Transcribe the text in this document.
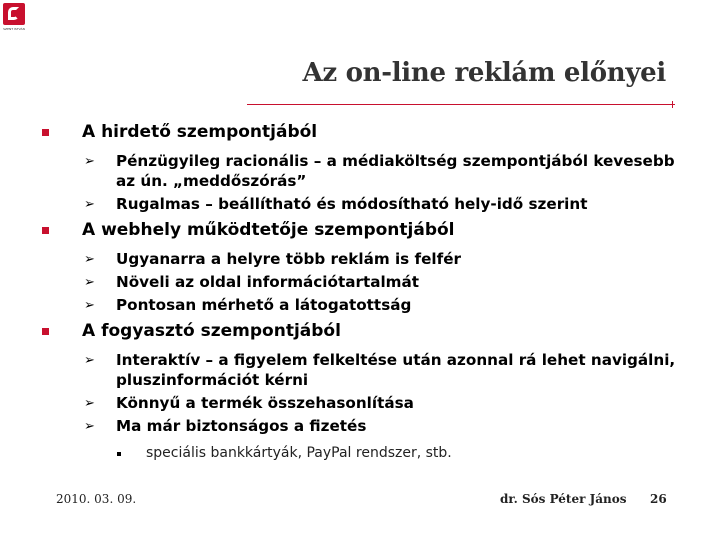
SZENT ISTVÁN
Az on-line reklám előnyei
A hirdető szempontjából
➢ Pénzügyileg racionális – a médiaköltség szempontjából kevesebb az ún. „meddőszórás”
➢ Rugalmas – beállítható és módosítható hely-idő szerint
A webhely működtetője szempontjából
➢ Ugyanarra a helyre több reklám is felfér
➢ Növeli az oldal információtartalmát
➢ Pontosan mérhető a látogatottság
A fogyasztó szempontjából
➢ Interaktív – a figyelem felkeltése után azonnal rá lehet navigálni, pluszinformációt kérni
➢ Könnyű a termék összehasonlítása
➢ Ma már biztonságos a fizetés
speciális bankkártyák, PayPal rendszer, stb.
2010. 03. 09.	dr. Sós Péter János 26
